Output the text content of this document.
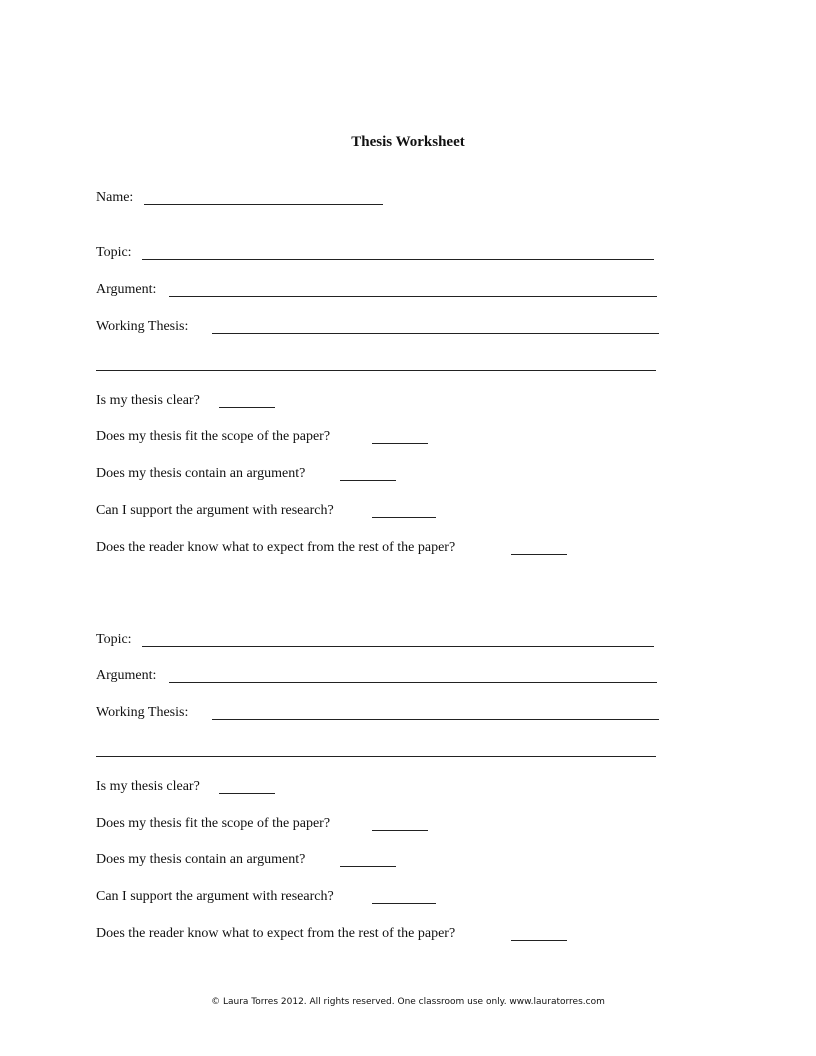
Thesis Worksheet
Name:
Topic:
Argument:
Working Thesis:
Is my thesis clear?
Does my thesis fit the scope of the paper?
Does my thesis contain an argument?
Can I support the argument with research?
Does the reader know what to expect from the rest of the paper?
Topic:
Argument:
Working Thesis:
Is my thesis clear?
Does my thesis fit the scope of the paper?
Does my thesis contain an argument?
Can I support the argument with research?
Does the reader know what to expect from the rest of the paper?
© Laura Torres 2012. All rights reserved. One classroom use only. www.lauratorres.com
